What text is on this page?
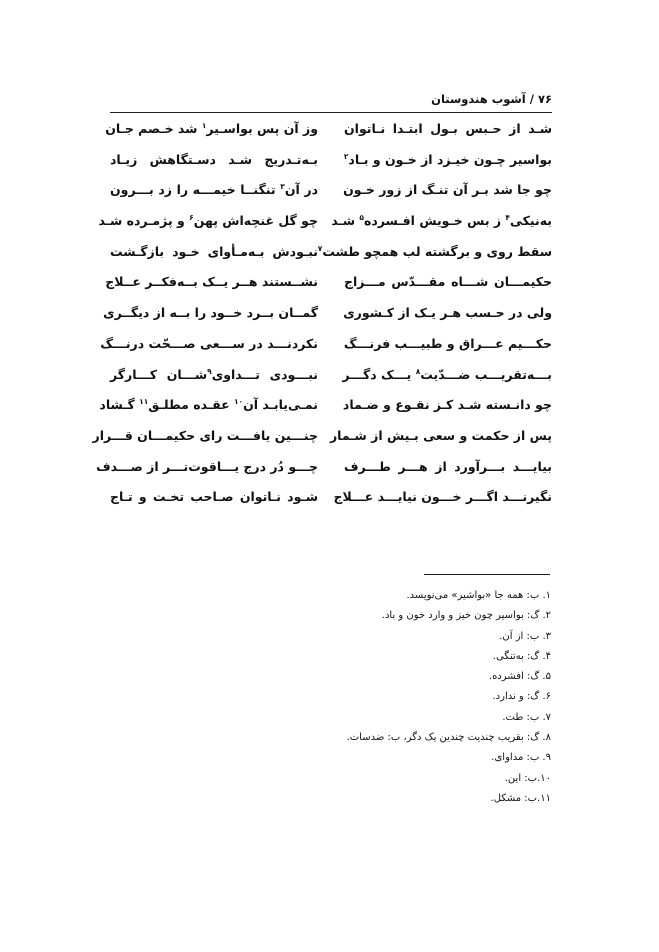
۷۶ / آشوب هندوستان
شـد از حـبس بـول ابتـدا نـاتوان
وز آن پس بواسـیر$^۱$ شد خـصم جـان
بواسیر چـون خیـزد از خـون و بـاد$^۲$
بـه‌تـدریج شـد دسـتگاهش زیـاد
چو جا شد بـر آن تنـگ از زور خـون
در آن$^۳$ تنگنــا خیمـــه را زد بـــرون
به‌نیکی$^۴$ ز بس خـویش افـسرده$^۵$ شـد
چو گل غنچه‌اش پهن$^۶$ و پژمـرده شـد
سقط روی و برگشته لب همچو طشت$^۷$
نبـودش بـه‌مـأوای خـود بازگـشت
حکیمـــان شـــاه مقـــدّس مـــزاج
نشــستند هــر یــک بــه‌فکــر عــلاج
ولی در حـسب هـر یـک از کـشوری
گمــان بــرد خــود را بــه از دیگــری
حکـــیم عـــراق و طبیـــب فرنـــگ
نکردنـــد در ســـعی صـــحّت درنـــگ
بـــه‌تقریـــب ضـــدّیت$^۸$ یـــک دگـــر
نبـــودی تـــداوی$^۹$شـــان کـــارگر
چو دانـسته شـد کـز نقـوع و ضـماد
نمـی‌یابـد آن$^{۱۰}$ عقـده مطلـق$^{۱۱}$ گـشاد
پس از حکمت و سعی بـیش از شـمار
چنـــین یافـــت رای حکیمـــان قـــرار
بیایـــد بـــرآورد از هـــر طـــرف
چـــو دُر درج یـــاقوت‌تـــر از صـــدف
نگیرنـــد اگـــر خـــون نیایـــد عـــلاج
شـود نـاتوان صـاحب تخـت و تـاج
۱. ب: همه جا «بواشیر» می‌نویسد.
۲. گ: بواسیر چون خیز و وارد خون و باد.
۳. ب: از آن.
۴. گ: به‌تنگی.
۵. گ: افشرده.
۶. گ: و ندارد.
۷. ب: طت.
۸. گ: بقریب چندیت چندین یک دگر، ب: ضدسات.
۹. ب: مداوای.
۱۰.ب: این.
۱۱.ب: مشکل.
